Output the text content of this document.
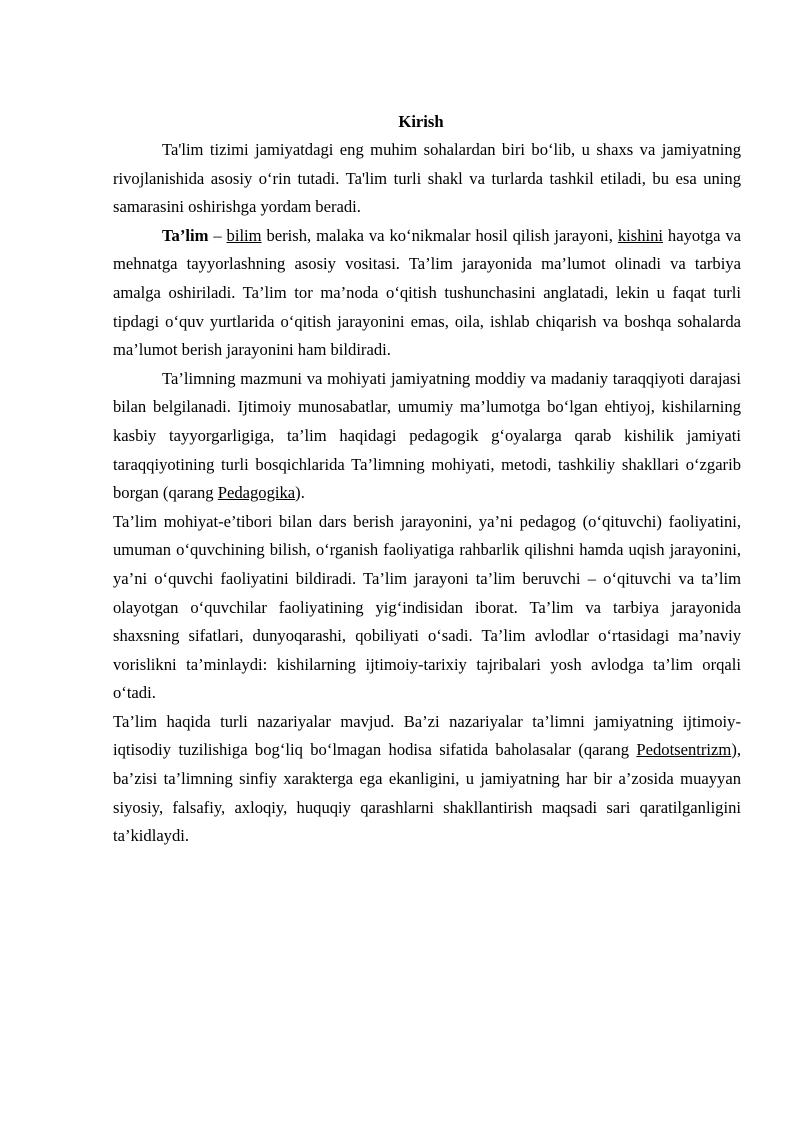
Kirish

Ta'lim tizimi jamiyatdagi eng muhim sohalardan biri bo‘lib, u shaxs va jamiyatning rivojlanishida asosiy o‘rin tutadi. Ta'lim turli shakl va turlarda tashkil etiladi, bu esa uning samarasini oshirishga yordam beradi.

Ta’lim – bilim berish, malaka va ko‘nikmalar hosil qilish jarayoni, kishini hayotga va mehnatga tayyorlashning asosiy vositasi. Ta’lim jarayonida ma’lumot olinadi va tarbiya amalga oshiriladi. Ta’lim tor ma’noda o‘qitish tushunchasini anglatadi, lekin u faqat turli tipdagi o‘quv yurtlarida o‘qitish jarayonini emas, oila, ishlab chiqarish va boshqa sohalarda ma’lumot berish jarayonini ham bildiradi.

Ta’limning mazmuni va mohiyati jamiyatning moddiy va madaniy taraqqiyoti darajasi bilan belgilanadi. Ijtimoiy munosabatlar, umumiy ma’lumotga bo‘lgan ehtiyoj, kishilarning kasbiy tayyorgarligiga, ta’lim haqidagi pedagogik g‘oyalarga qarab kishilik jamiyati taraqqiyotining turli bosqichlarida Ta’limning mohiyati, metodi, tashkiliy shakllari o‘zgarib borgan (qarang Pedagogika).

Ta’lim mohiyat-e’tibori bilan dars berish jarayonini, ya’ni pedagog (o‘qituvchi) faoliyatini, umuman o‘quvchining bilish, o‘rganish faoliyatiga rahbarlik qilishni hamda uqish jarayonini, ya’ni o‘quvchi faoliyatini bildiradi. Ta’lim jarayoni ta’lim beruvchi – o‘qituvchi va ta’lim olayotgan o‘quvchilar faoliyatining yig‘indisidan iborat. Ta’lim va tarbiya jarayonida shaxsning sifatlari, dunyoqarashi, qobiliyati o‘sadi. Ta’lim avlodlar o‘rtasidagi ma’naviy vorislikni ta’minlaydi: kishilarning ijtimoiy-tarixiy tajribalari yosh avlodga ta’lim orqali o‘tadi.

Ta’lim haqida turli nazariyalar mavjud. Ba’zi nazariyalar ta’limni jamiyatning ijtimoiy-iqtisodiy tuzilishiga bog‘liq bo‘lmagan hodisa sifatida baholasalar (qarang Pedotsentrizm), ba’zisi ta’limning sinfiy xarakterga ega ekanligini, u jamiyatning har bir a’zosida muayyan siyosiy, falsafiy, axloqiy, huquqiy qarashlarni shakllantirish maqsadi sari qaratilganligini ta’kidlaydi.
